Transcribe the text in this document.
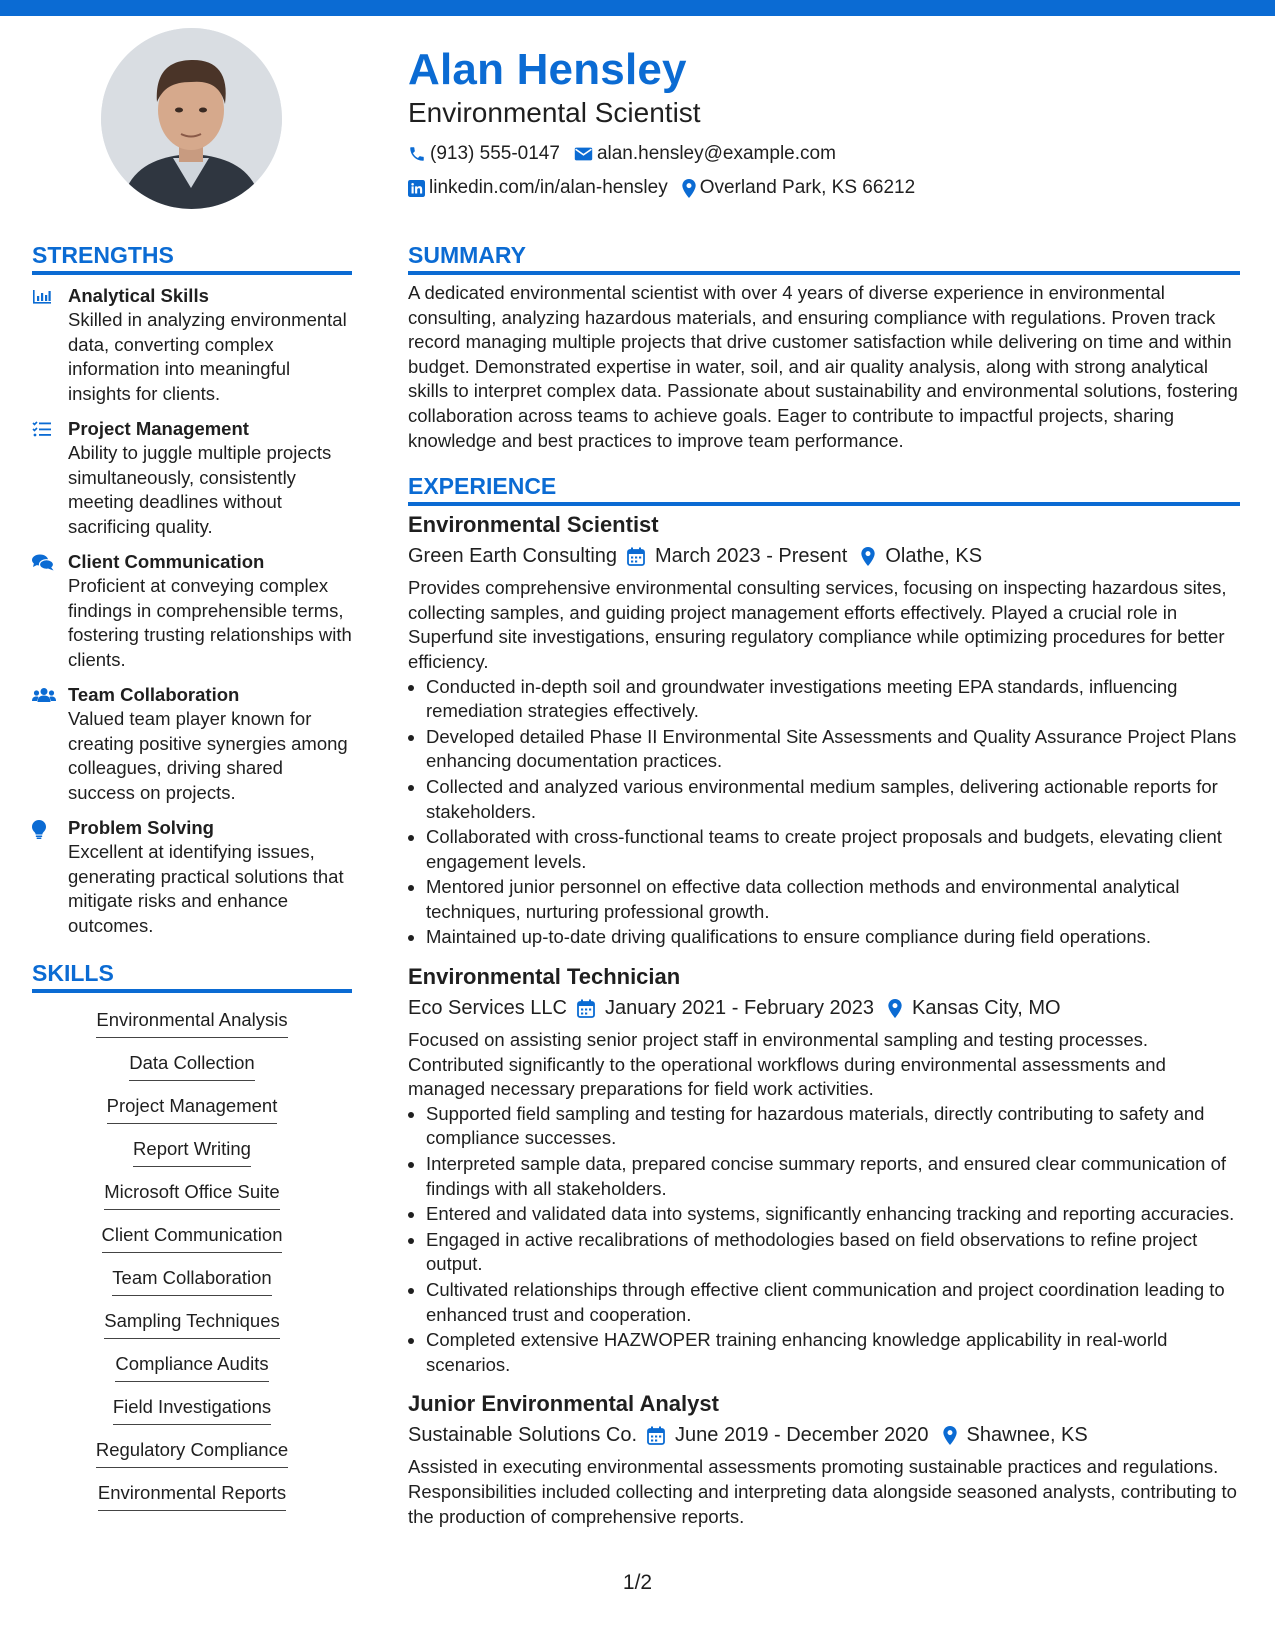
Alan Hensley
Environmental Scientist
(913) 555-0147 alan.hensley@example.com
linkedin.com/in/alan-hensley Overland Park, KS 66212
STRENGTHS
Analytical Skills
Skilled in analyzing environmental data, converting complex information into meaningful insights for clients.
Project Management
Ability to juggle multiple projects simultaneously, consistently meeting deadlines without sacrificing quality.
Client Communication
Proficient at conveying complex findings in comprehensible terms, fostering trusting relationships with clients.
Team Collaboration
Valued team player known for creating positive synergies among colleagues, driving shared success on projects.
Problem Solving
Excellent at identifying issues, generating practical solutions that mitigate risks and enhance outcomes.
SKILLS
Environmental Analysis
Data Collection
Project Management
Report Writing
Microsoft Office Suite
Client Communication
Team Collaboration
Sampling Techniques
Compliance Audits
Field Investigations
Regulatory Compliance
Environmental Reports
SUMMARY
A dedicated environmental scientist with over 4 years of diverse experience in environmental consulting, analyzing hazardous materials, and ensuring compliance with regulations. Proven track record managing multiple projects that drive customer satisfaction while delivering on time and within budget. Demonstrated expertise in water, soil, and air quality analysis, along with strong analytical skills to interpret complex data. Passionate about sustainability and environmental solutions, fostering collaboration across teams to achieve goals. Eager to contribute to impactful projects, sharing knowledge and best practices to improve team performance.
EXPERIENCE
Environmental Scientist
Green Earth Consulting March 2023 - Present Olathe, KS
Provides comprehensive environmental consulting services, focusing on inspecting hazardous sites, collecting samples, and guiding project management efforts effectively. Played a crucial role in Superfund site investigations, ensuring regulatory compliance while optimizing procedures for better efficiency.
• Conducted in-depth soil and groundwater investigations meeting EPA standards, influencing remediation strategies effectively.
• Developed detailed Phase II Environmental Site Assessments and Quality Assurance Project Plans enhancing documentation practices.
• Collected and analyzed various environmental medium samples, delivering actionable reports for stakeholders.
• Collaborated with cross-functional teams to create project proposals and budgets, elevating client engagement levels.
• Mentored junior personnel on effective data collection methods and environmental analytical techniques, nurturing professional growth.
• Maintained up-to-date driving qualifications to ensure compliance during field operations.
Environmental Technician
Eco Services LLC January 2021 - February 2023 Kansas City, MO
Focused on assisting senior project staff in environmental sampling and testing processes. Contributed significantly to the operational workflows during environmental assessments and managed necessary preparations for field work activities.
• Supported field sampling and testing for hazardous materials, directly contributing to safety and compliance successes.
• Interpreted sample data, prepared concise summary reports, and ensured clear communication of findings with all stakeholders.
• Entered and validated data into systems, significantly enhancing tracking and reporting accuracies.
• Engaged in active recalibrations of methodologies based on field observations to refine project output.
• Cultivated relationships through effective client communication and project coordination leading to enhanced trust and cooperation.
• Completed extensive HAZWOPER training enhancing knowledge applicability in real-world scenarios.
Junior Environmental Analyst
Sustainable Solutions Co. June 2019 - December 2020 Shawnee, KS
Assisted in executing environmental assessments promoting sustainable practices and regulations. Responsibilities included collecting and interpreting data alongside seasoned analysts, contributing to the production of comprehensive reports.
1/2
